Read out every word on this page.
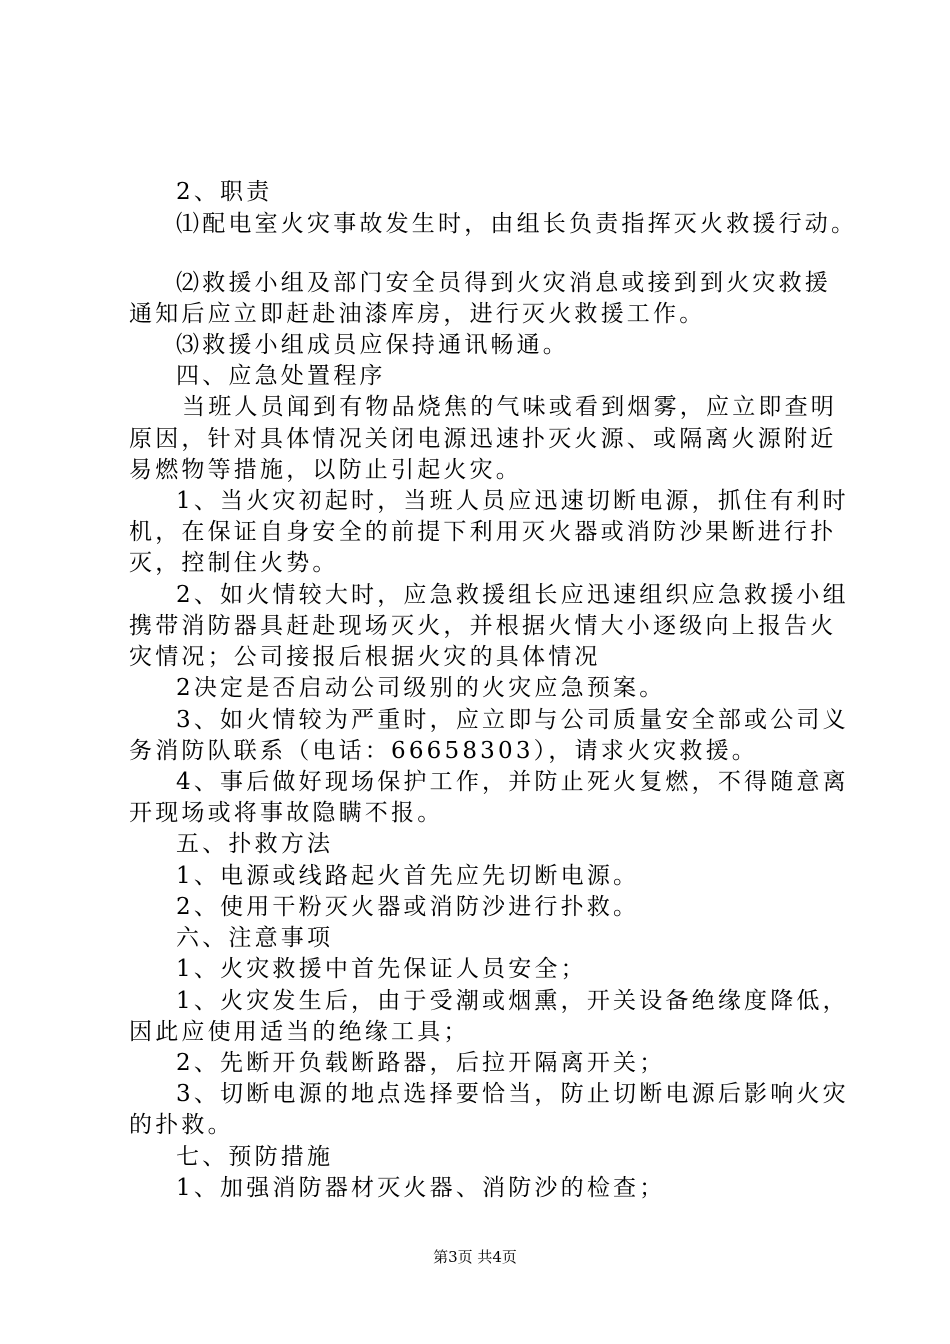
2、职责
⑴配电室火灾事故发生时，由组长负责指挥灭火救援行动。
⑵救援小组及部门安全员得到火灾消息或接到到火灾救援
通知后应立即赶赴油漆库房，进行灭火救援工作。
⑶救援小组成员应保持通讯畅通。
四、应急处置程序
当班人员闻到有物品烧焦的气味或看到烟雾，应立即查明
原因，针对具体情况关闭电源迅速扑灭火源、或隔离火源附近
易燃物等措施，以防止引起火灾。
1、当火灾初起时，当班人员应迅速切断电源，抓住有利时
机，在保证自身安全的前提下利用灭火器或消防沙果断进行扑
灭，控制住火势。
2、如火情较大时，应急救援组长应迅速组织应急救援小组
携带消防器具赶赴现场灭火，并根据火情大小逐级向上报告火
灾情况；公司接报后根据火灾的具体情况
2决定是否启动公司级别的火灾应急预案。
3、如火情较为严重时，应立即与公司质量安全部或公司义
务消防队联系（电话：66658303），请求火灾救援。
4、事后做好现场保护工作，并防止死火复燃，不得随意离
开现场或将事故隐瞒不报。
五、扑救方法
1、电源或线路起火首先应先切断电源。
2、使用干粉灭火器或消防沙进行扑救。
六、注意事项
1、火灾救援中首先保证人员安全；
1、火灾发生后，由于受潮或烟熏，开关设备绝缘度降低，
因此应使用适当的绝缘工具；
2、先断开负载断路器，后拉开隔离开关；
3、切断电源的地点选择要恰当，防止切断电源后影响火灾
的扑救。
七、预防措施
1、加强消防器材灭火器、消防沙的检查；
第3页 共4页
